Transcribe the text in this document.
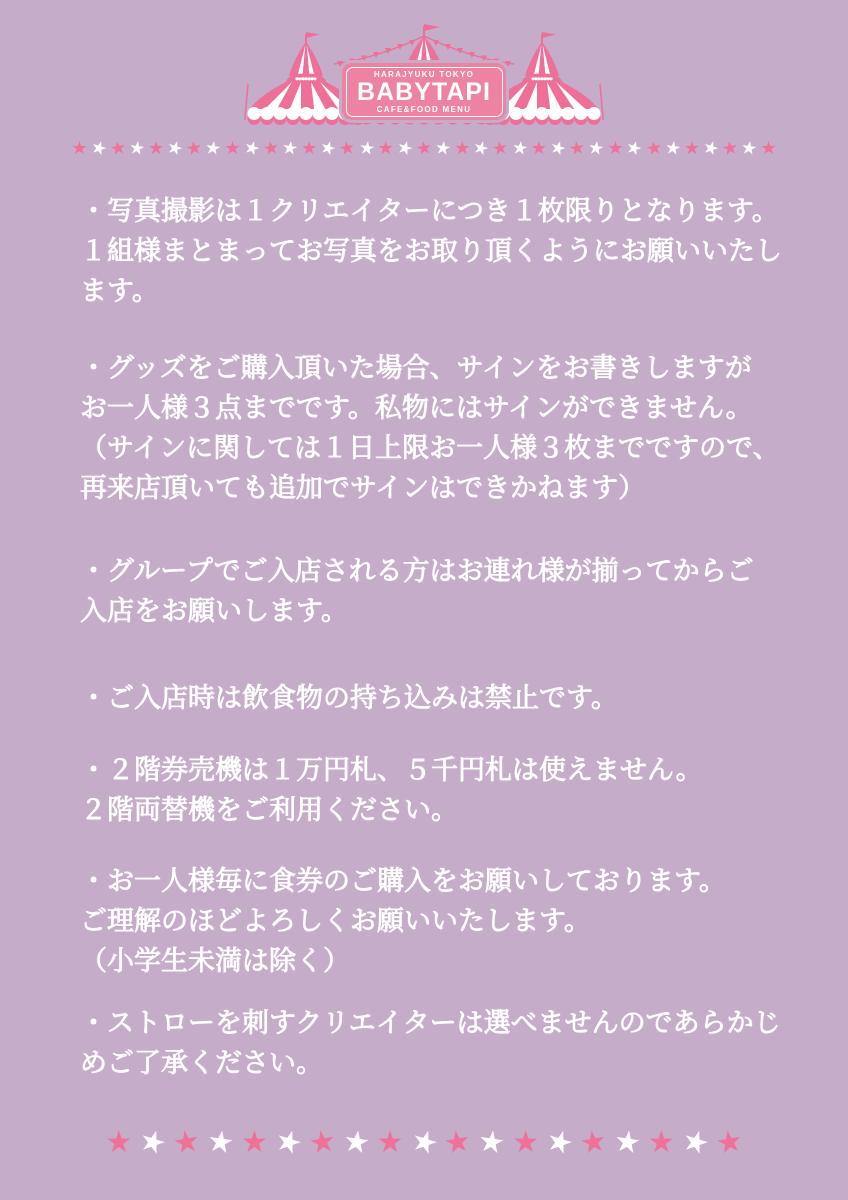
HARAJYUKU TOKYO
BABYTAPI
CAFE&FOOD MENU
★ ★
★ ★ ★ ★
★ ★ ★ ★
★ ★ ★ ★
★ ★ ★ ★
★ ★ ★ ★
★ ★ ★ ★
★ ★ ★ ★
★ ★ ★ ★
★ ★ ★
・写真撮影は１クリエイターにつき１枚限りとなります。
１組様まとまってお写真をお取り頂くようにお願いいたし
ます。
・グッズをご購入頂いた場合、サインをお書きしますが
お一人様３点までです。私物にはサインができません。
（サインに関しては１日上限お一人様３枚までですので、
再来店頂いても追加でサインはできかねます）
・グループでご入店される方はお連れ様が揃ってからご
入店をお願いします。
・ご入店時は飲食物の持ち込みは禁止です。
・２階券売機は１万円札、５千円札は使えません。
２階両替機をご利用ください。
・お一人様毎に食券のご購入をお願いしております。
ご理解のほどよろしくお願いいたします。
（小学生未満は除く）
・ストローを刺すクリエイターは選べませんのであらかじ
めご了承ください。
★ ★ ★ ★ ★ ★ ★ ★ ★ ★ ★ ★ ★ ★ ★ ★ ★ ★ ★
